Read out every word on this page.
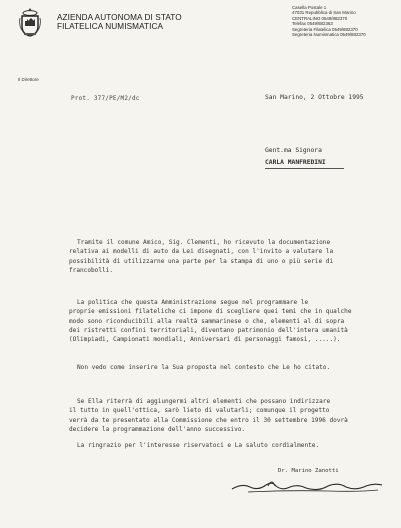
AZIENDA AUTONOMA DI STATO
FILATELICA NUMISMATICA
Casella Postale 1
47031 Repubblica di San Marino
CENTRALINO 0549/882370
Telefax 0549/882363
Segreteria Filatelica 0549/882370
Segreteria Numismatica 0549/882370
Il Direttore
Prot. 377/PE/M2/dc	San Marino, 2 Ottobre 1995
Gent.ma Signora
CARLA MANFREDINI
Tramite il comune Amico, Sig. Clementi, ho ricevuto la documentazione
relativa ai modelli di auto da Lei disegnati, con l'invito a valutare la
possibilità di utilizzarne una parte per la stampa di uno o più serie di
francobolli.
La politica che questa Amministrazione segue nel programmare le
proprie emissioni filateliche ci impone di scegliere quei temi che in qualche
modo sono riconducibili alla realtà sammarinese o che, elementi al di sopra
dei ristretti confini territoriali, diventano patrimonio dell'intera umanità
(Olimpiadi, Campionati mondiali, Anniversari di personaggi famosi, .....).
Non vedo come inserire la Sua proposta nel contesto che Le ho citato.
Se Ella riterrà di aggiungermi altri elementi che possano indirizzare
il tutto in quell'ottica, sarò lieto di valutarli; comunque il progetto
verrà da te presentato alla Commissione che entro il 30 settembre 1996 dovrà
decidere la programmazione dell'anno successivo.
La ringrazio per l'interesse riservatoci e La saluto cordialmente.
Dr. Marino Zanotti
